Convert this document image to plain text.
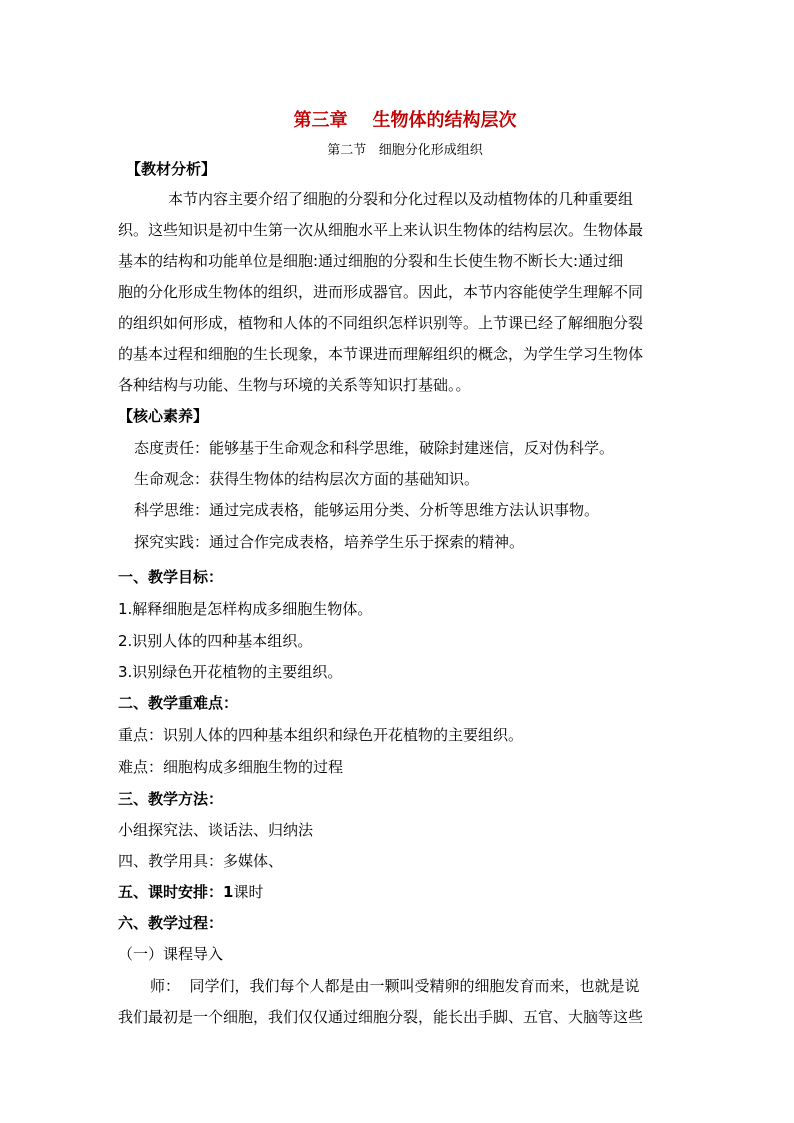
第三章    生物体的结构层次
第二节   细胞分化形成组织
【教材分析】
本节内容主要介绍了细胞的分裂和分化过程以及动植物体的几种重要组
织。这些知识是初中生第一次从细胞水平上来认识生物体的结构层次。生物体最
基本的结构和功能单位是细胞:通过细胞的分裂和生长使生物不断长大:通过细
胞的分化形成生物体的组织，进而形成器官。因此，本节内容能使学生理解不同
的组织如何形成，植物和人体的不同组织怎样识别等。上节课已经了解细胞分裂
的基本过程和细胞的生长现象，本节课进而理解组织的概念，为学生学习生物体
各种结构与功能、生物与环境的关系等知识打基础。。
【核心素养】
态度责任：能够基于生命观念和科学思维，破除封建迷信，反对伪科学。
生命观念：获得生物体的结构层次方面的基础知识。
科学思维：通过完成表格，能够运用分类、分析等思维方法认识事物。
探究实践：通过合作完成表格，培养学生乐于探索的精神。
一、教学目标：
1.解释细胞是怎样构成多细胞生物体。
2.识别人体的四种基本组织。
3.识别绿色开花植物的主要组织。
二、教学重难点：
重点：识别人体的四种基本组织和绿色开花植物的主要组织。
难点：细胞构成多细胞生物的过程
三、教学方法：
小组探究法、谈话法、归纳法
四、教学用具：多媒体、
五、课时安排：1课时
六、教学过程：
（一）课程导入
师：  同学们，我们每个人都是由一颗叫受精卵的细胞发育而来，也就是说
我们最初是一个细胞，我们仅仅通过细胞分裂，能长出手脚、五官、大脑等这些
